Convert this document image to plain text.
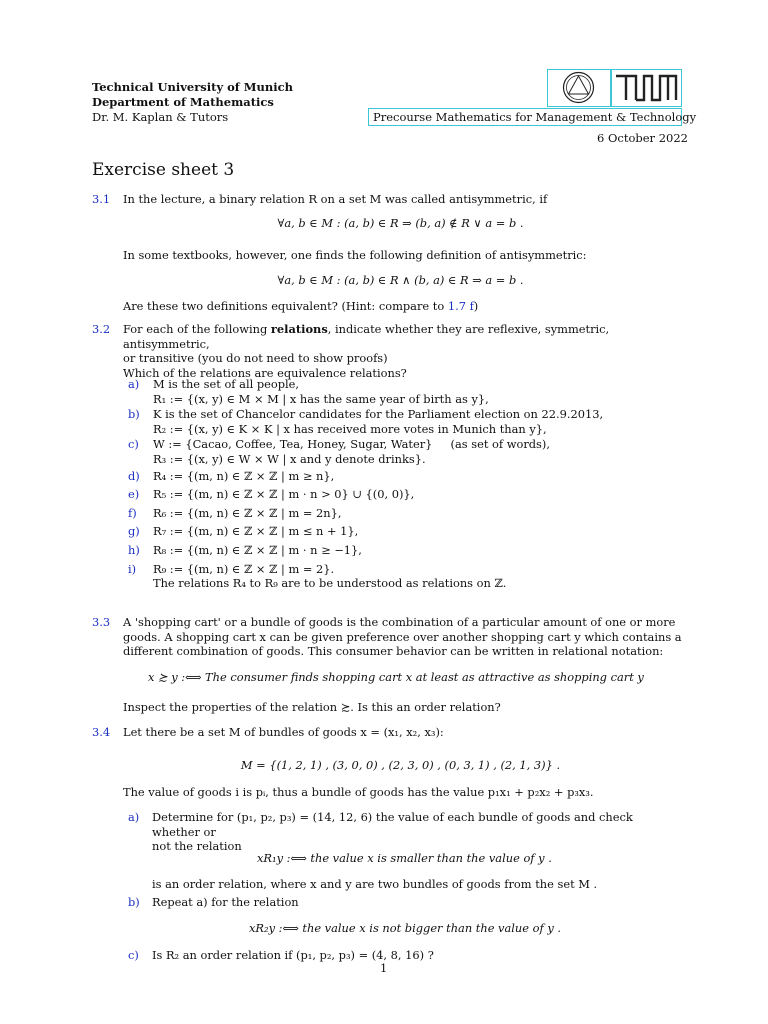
Technical University of Munich
Department of Mathematics
Dr. M. Kaplan & Tutors	Precourse Mathematics for Management & Technology
6 October 2022
Exercise sheet 3
3.1 In the lecture, a binary relation R on a set M was called antisymmetric, if
∀a, b ∈ M : (a, b) ∈ R ⇒ (b, a) ∉ R ∨ a = b .
In some textbooks, however, one finds the following definition of antisymmetric:
∀a, b ∈ M : (a, b) ∈ R ∧ (b, a) ∈ R ⇒ a = b .
Are these two definitions equivalent? (Hint: compare to 1.7 f)
3.2 For each of the following relations, indicate whether they are reflexive, symmetric, antisymmetric,
or transitive (you do not need to show proofs)
Which of the relations are equivalence relations?
a)	M is the set of all people,
R₁ := {(x, y) ∈ M × M | x has the same year of birth as y},
b)	K is the set of Chancelor candidates for the Parliament election on 22.9.2013,
R₂ := {(x, y) ∈ K × K | x has received more votes in Munich than y},
c)	W := {Cacao, Coffee, Tea, Honey, Sugar, Water}     (as set of words),
R₃ := {(x, y) ∈ W × W | x and y denote drinks}.
d)	R₄ := {(m, n) ∈ ℤ × ℤ | m ≥ n},
e)	R₅ := {(m, n) ∈ ℤ × ℤ | m · n > 0} ∪ {(0, 0)},
f)	R₆ := {(m, n) ∈ ℤ × ℤ | m = 2n},
g)	R₇ := {(m, n) ∈ ℤ × ℤ | m ≤ n + 1},
h)	R₈ := {(m, n) ∈ ℤ × ℤ | m · n ≥ −1},
i)	R₉ := {(m, n) ∈ ℤ × ℤ | m = 2}.
The relations R₄ to R₉ are to be understood as relations on ℤ.
3.3 A 'shopping cart' or a bundle of goods is the combination of a particular amount of one or more
goods. A shopping cart x can be given preference over another shopping cart y which contains a
different combination of goods. This consumer behavior can be written in relational notation:
x ≿ y :⟺ The consumer finds shopping cart x at least as attractive as shopping cart y
Inspect the properties of the relation ≿. Is this an order relation?
3.4 Let there be a set M of bundles of goods x = (x₁, x₂, x₃):
M = {(1, 2, 1) , (3, 0, 0) , (2, 3, 0) , (0, 3, 1) , (2, 1, 3)} .
The value of goods i is pᵢ, thus a bundle of goods has the value p₁x₁ + p₂x₂ + p₃x₃.
a) Determine for (p₁, p₂, p₃) = (14, 12, 6) the value of each bundle of goods and check whether or
not the relation
xR₁y :⟺ the value x is smaller than the value of y .
is an order relation, where x and y are two bundles of goods from the set M .
b) Repeat a) for the relation
xR₂y :⟺ the value x is not bigger than the value of y .
c) Is R₂ an order relation if (p₁, p₂, p₃) = (4, 8, 16) ?
1
